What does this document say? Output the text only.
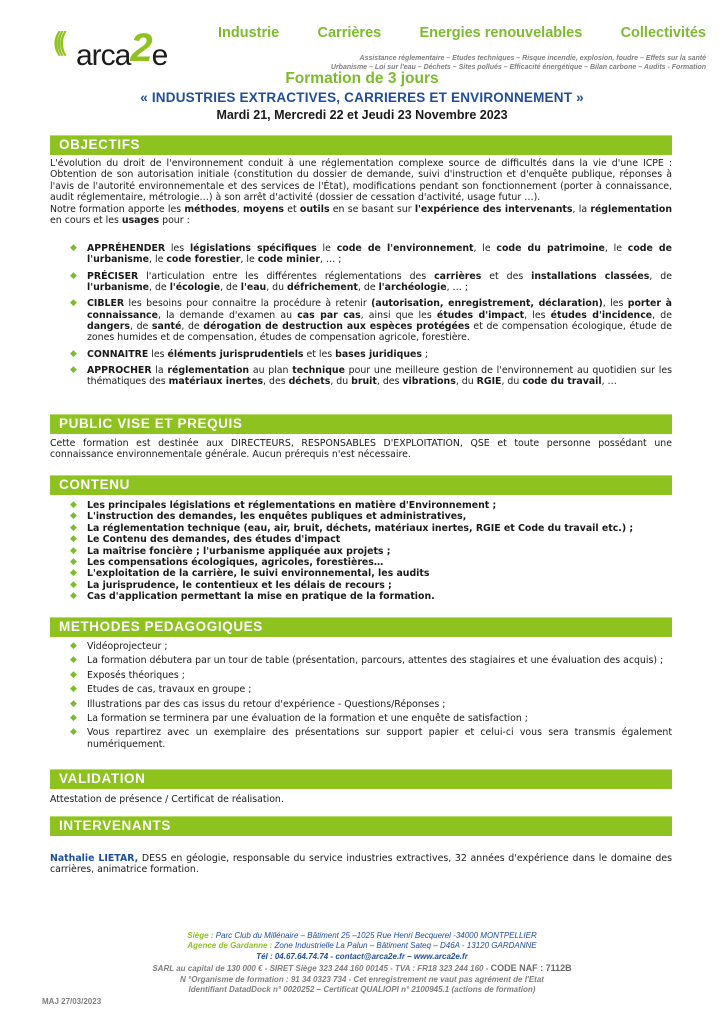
((( arca2e
Industrie	Carrières	Energies renouvelables	Collectivités
Assistance réglementaire – Etudes techniques – Risque incendie, explosion, foudre – Effets sur la santé
Urbanisme – Loi sur l'eau – Déchets – Sites pollués – Efficacité énergétique – Bilan carbone – Audits - Formation
Formation de 3 jours
« INDUSTRIES EXTRACTIVES, CARRIERES ET ENVIRONNEMENT »
Mardi 21, Mercredi 22 et Jeudi 23 Novembre 2023
OBJECTIFS
L'évolution du droit de l'environnement conduit à une réglementation complexe source de difficultés dans la vie d'une ICPE : Obtention de son autorisation initiale (constitution du dossier de demande, suivi d'instruction et d'enquête publique, réponses à l'avis de l'autorité environnementale et des services de l'État), modifications pendant son fonctionnement (porter à connaissance, audit réglementaire, métrologie…) à son arrêt d'activité (dossier de cessation d'activité, usage futur …).
Notre formation apporte les méthodes, moyens et outils en se basant sur l'expérience des intervenants, la réglementation en cours et les usages pour :
◆ APPRÉHENDER les législations spécifiques le code de l'environnement, le code du patrimoine, le code de l'urbanisme, le code forestier, le code minier, … ;
◆ PRÉCISER l'articulation entre les différentes réglementations des carrières et des installations classées, de l'urbanisme, de l'écologie, de l'eau, du défrichement, de l'archéologie, … ;
◆ CIBLER les besoins pour connaitre la procédure à retenir (autorisation, enregistrement, déclaration), les porter à connaissance, la demande d'examen au cas par cas, ainsi que les études d'impact, les études d'incidence, de dangers, de santé, de dérogation de destruction aux espèces protégées et de compensation écologique, étude de zones humides et de compensation, études de compensation agricole, forestière.
◆ CONNAITRE les éléments jurisprudentiels et les bases juridiques ;
◆ APPROCHER la réglementation au plan technique pour une meilleure gestion de l'environnement au quotidien sur les thématiques des matériaux inertes, des déchets, du bruit, des vibrations, du RGIE, du code du travail, …
PUBLIC VISE ET PREQUIS
Cette formation est destinée aux DIRECTEURS, RESPONSABLES D'EXPLOITATION, QSE et toute personne possédant une connaissance environnementale générale. Aucun prérequis n'est nécessaire.
CONTENU
◆ Les principales législations et réglementations en matière d'Environnement ;
◆ L'instruction des demandes, les enquêtes publiques et administratives,
◆ La réglementation technique (eau, air, bruit, déchets, matériaux inertes, RGIE et Code du travail etc.) ;
◆ Le Contenu des demandes, des études d'impact
◆ La maîtrise foncière ; l'urbanisme appliquée aux projets ;
◆ Les compensations écologiques, agricoles, forestières…
◆ L'exploitation de la carrière, le suivi environnemental, les audits
◆ La jurisprudence, le contentieux et les délais de recours ;
◆ Cas d'application permettant la mise en pratique de la formation.
METHODES PEDAGOGIQUES
◆ Vidéoprojecteur ;
◆ La formation débutera par un tour de table (présentation, parcours, attentes des stagiaires et une évaluation des acquis) ;
◆ Exposés théoriques ;
◆ Etudes de cas, travaux en groupe ;
◆ Illustrations par des cas issus du retour d'expérience - Questions/Réponses ;
◆ La formation se terminera par une évaluation de la formation et une enquête de satisfaction ;
◆ Vous repartirez avec un exemplaire des présentations sur support papier et celui-ci vous sera transmis également numériquement.
VALIDATION
Attestation de présence / Certificat de réalisation.
INTERVENANTS
Nathalie LIETAR, DESS en géologie, responsable du service industries extractives, 32 années d'expérience dans le domaine des carrières, animatrice formation.
Siège : Parc Club du Millénaire – Bâtiment 25 –1025 Rue Henri Becquerel -34000 MONTPELLIER
Agence de Gardanne : Zone Industrielle La Palun – Bâtiment Sateq – D46A - 13120 GARDANNE
Tél : 04.67.64.74.74 - contact@arca2e.fr – www.arca2e.fr
SARL au capital de 130 000 € - SIRET Siège 323 244 160 00145 - TVA : FR18 323 244 160 - CODE NAF : 7112B
N °Organisme de formation : 91 34 0323 734 - Cet enregistrement ne vaut pas agrément de l'Etat
Identifiant DatadDock n° 0020252 – Certificat QUALIOPI n° 2100945.1 (actions de formation)
MAJ 27/03/2023
